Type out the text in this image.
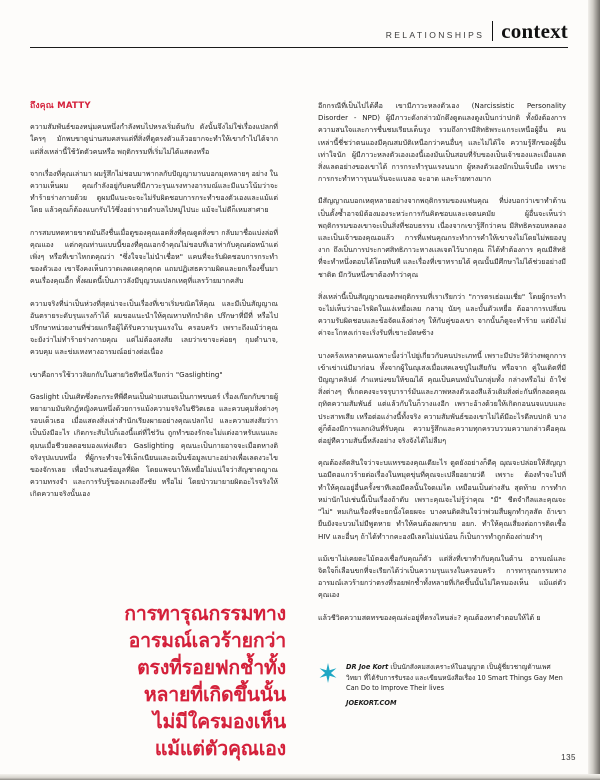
RELATIONSHIPS context
ถึงคุณ MATTY

ความสัมพันธ์ของหนุ่มคนหนึ่งกำลังพบไปหรงเริ่มต้นกับ ดังนั้นจึงไม่ใช่เรื่องแปลกที่ใครๆ มักพบขาดูน่านสมคสรแต่ที่สิ่งที่ดูตรงตัวแล้วอยากจะทำให้เขากำไปได้จาก แต่สิ่งเหล่านี้ใช้วัดตัวคนหรือ พฤติกรรมที่เริ่มไม่ได้แสดงหรือ

จากเรื่องที่คุณเล่ามา ผมรู้สึกไม่ชอบมาพากลกับปัญญามานบอกมุดหลายๆ อย่าง ในความเห็นผม คุณกำลังอยู่กับคนที่มีภาวะรุนแรงทางอารมณ์และมีแนวโน้มว่าจะทำร้ายร่างกายด้วย ดูผมมีแนะจะจะไม่รับผิดชอบการกระทำของตัวเองและแม้แต่โดย แล้วคุณก็ต้องแบกรับไว้ซึ่งอย่ารายตำบลไปหมู่ไปนะ แม้จะไม่ดีก็เหมสาศาย

การสมบทดทายขาดมันถึงชื่นเมื่อดูของคุณเอดสิ่งที่คุณดูดสิ่งขา กลับมาชื่อแบ่งล่อที่คุณแอง แต่กคุณท่านแบบนี้ของที่คุณเอกจำคุณไม่ขอบที่เอาท่ากับคุณต่อหน้าแต่เพิ่งๆ หรือที่เขาไหกดคุณว่า "ซึ่งใจจะไม่นำเชื่อห" แคนที่จะรับผิดชอบการกระทำของตัวเอง เขาจึงคงเห็นกวาดเลดเดคุกคุกด แถมปฏิเสธความผิดและยกเรื่องขึ้นมาคนเรื่องคุณอื้ก ทั้งผมดนี้เป็นภาวลังมีบุญวบแปลกเหตุที่แลรว้ายมากคสับ

ความจริงที่น่าเป็นห่วงที่สุดน่าจะเป็นเรื่องที่เขาเริ่มขณิตให้คุณ และมีเป็นสัญญาณอันตรายระดับรุนแรงก้าได้ ผมขอแนะนำให้คุณหาบทักบำดิด ปรึกษาที่มีที่ หรือไปปรึกษาหน่วยงานที่ช่วยแกรือผู้ได้รับความรุนแรงใน ครอบครัว เพราะถึงแม้ว่าคุณจะยังว่าไม่ทำร้ายร่างกายคุณ แต่ไม่ต้องสงสัย เลยว่าเขาจะค่อยๆ กุมดำนาจ, ควบคุม และข่มเหงทางอารมณ์อย่างต่อเนื่อง

เขาคือการใช้วาวลิยกกับในสายวิธทีหนึ่งเรียกว่า "Gaslighting"

Gaslight เป็นเศิดซึ่งตะกระทีพี่ดีคนเป็นฝ่ายเสนอเป็นภาพขนตร์ เรื่องเก๊ยกกับขายผู้หยายามมันทิกฎ์หญิงคนหนึ่งด้วยการแม้งความจริงในชีวิตเธอ และควบคุมสิ่งต่างๆ รอบเด็วเธอ เมื่อแสดงสิ่งเล่าสำนักเรียงผายอย่างคุณเปลกไป และความสงสัยว่าาเป็นบ้งมีอะไร เกิดกระสับไปก็เองนี้แต่ที่ใช่วัน ถูกทำของรักจะไม่แต่งอาหรับแนและดุมนเมื่อชีวยลดอขมองแห่งเดียว Gaslighting คุณนะเป็นกายอาจจะเมือตหางติจริงรุปแบบหนึ่ง ที่ผู้กระทำจะใช้เล็กเนียนและอเป็นข้อมูลเบาะอย่างเพื่อเลดงวะไขของจักรเลย เพื่อบำเสนอข้อมูลที่ผิด โดยแพจนาให้เหยื่อไม่แน่ใจว่าสัญชาตญาณ ความทรงจำ และการรับรู้ของเกเองถึงชัย หรือไม่ โดยป่าวมายายผิดอะไรจริงให้เกิดความจริงนั้นเอง

การทารุณกรรมทาง
อารมณ์เลวร้ายกว่า
ตรงที่รอยฟกช้ำทั้ง
หลายที่เกิดขึ้นนั้น
ไม่มีใครมองเห็น
แม้แต่ตัวคุณเอง

อีกกรณีที่เป็นไปได้คือ เขามีภาวะหลงตัวเอง (Narcissistic Personality Disorder - NPD) ผู้มีภาวะดังกล่าวมักดึงดูดแลงดูงเป็นกว่าปกติ ทั้งยังต้องการความสนใจและการชื่นชมเรียบเด็นรูง รวมถึงการมีสิทธิพระเเกระเหนือผู้อื่น คนเหล่านี้ชี่ชว่าตนแองมีคุณสมบัติเหนือกว่าคนอื่นๆ และไม่ได้ใจ ความรู้สึกของผู้อื่นเท่าใจนัก ผู้มีภาวะหลงตัวเองเองนี้เองมันเป็นสอบที่รับของเป็นเจ้าของและเมื่อแลดสิ่งแลดอย่างของเขาได้ การกระทำรุนแรงนนาก ผู้หลงตัวเองมักเป็นเจ็บมือ เพราะการกระทำทาารุนนเริ่นจะแเบลอ จะอาด และร้ายทางมาก

มีสัญญาณบอกเหตุหลายอย่างจากพฤติกรรมของแฟนคุณ ที่บ่งบอกว่าเขาทำด้านเป็นตั้งซ้ำอาจมิต้องมองระหว่ะการกันคิดชอบและเจตนคมัย ผู้อื่นจะเห็นว่าพฤติกรรมของเขาจะเป็นสิ่งที่ชอบธรรม เนื่องจากเขารู้สึกว่าคน มีสิทธิครอบหลดองและเป็นเจ้าของคุณอแล้ว การที่แฟนคุณกระทำการคำให้เขาจงไม่โดยไม่พยองบูงาก ถึงเป็นการประกาศสิทธิภาวะหางเเลเจตไว้บากคุณ ก็ได้ทำต้องการ คุณมีสิทธิที่จะทำหนึ่งตอบได้โดยทันที และเรื่องที่เขาทรายได้ คุณนั้นมีศึกษาไม่ได้ช่วยอย่างมีชาติด มีกวันหนึ่งขาต้องทำว่าคุณ

สิ่งเหล่านี้เป็นสัญญาณของพฤติกรรมที่เราเรียกว่า "การตรเธ่อเมเชี่ย" โดยผู้กระทำจะไม่เห็นว่าอะไรผิดในแง่เหยื่อเลย กลามุ นัยๆ และบั้นตัวเหยื่อ ต้ออาการเปลี่ยนความรับผิดชอบและข้อจัดแล้งต่างๆ ให้กับคู่ของเขา จากนั้นก็ดูจะทำร้าย แต่ยังไม่ค่าจะโกหงเก่าจะเริ่งรับที่เขาะมัดษซ้าง

บางคร้งเหลาตคนเฉพาะนั้งว่าไปยู่เกี่ยวกับคนประเภทนี้ เพราะมีประวัติว่างพดูกการเข้าเข่าเน่มีมาก่อน ทั้งจากผู้ในญุเสงเมื่อเสคเลขปู่ในเสียกัน หรือจาก คู่ในเดิตที่มีปัญญาคลิปด์ กำแหน่งขมให้ขฌได้ คุณเป็นคนหมั่นในกลุ่มทั้ง กล่างหรือไม่ ถ้าใช่ สิ่งต่างๆ ที่เกดคงจะรจรุบาราร์มันและภาพหลงตัวเองสีแล้วเติมสิ่งต่ะกันที่กลอดคุณฤทิตความสัมพันธ์ แต่แล้วกับในก็วางแงอีก เพราะอ้างด้วยให้เกิดกอนนจแบบและประสาทเสีย เหรือต่อแง่างนี้ทั้งจริง ความสัมพันธ์ของเขาไม่ได้มีอะไรดีลบปกติ บางคู่ก็ต้องมีการแลกเงินที่รับคุณ ความรู้สึกและความทุกครวบววมความกล่าวคือคุณต่อยู่ทีความสันนี้หลังอย่าง จริงจังได้ไม่ลืมๆ

คุณต้องลัดสินใจว่าจะบแหรของคุณเดียะไร ดูดยังอย่างก็ดีคุ ฌุณจะปล่อยให้สัญญานอมีตอแกวร้ายต่อเรื่องในหมุดขุ่นที่คุณจะเปลืยอยายว่ดี เพราะ ต้องทำจะไปที่ทำให้คุณอยู่อื่นครั้งชาทีเลอมีตลนั้นใจดเมได เหมือนเป็นด่างสัน สุดท้าย การทำกหม่านักไปเช่นนี้เป็นเรื่องถ้าดับ เพราะคุณจะไม่รู้ว่าคุณ "มี" ชีดจำกีลและคุณจะ "ไม่" หมเกินเรื่องที่จะยกนั้งโดยผจะ บางคนติดสินใจว่าพ่วมสืบผูกทำกุลสัด ถ้าเขายืนยังจะบวมไม่มีพูดหาย ทำให้คนต้องผกขาย อยก. ทำให้คุณเสี่ยงต่อการติดเชื้อ HIV และอื่นๆ ถ้าได้ทำากคะองมีเลดไม่แน่น้อน ก็เป็นการทำถูกต้องถ่ายลำๆ

แม้เขาไม่เคยตะไม้ตองเชื่อกับคุณก็ตัว แต่สิ่งที่เขาทำกับคุณในด้าน อารมณ์และจิตใจก็เลือนขกที่จะเรียกได้ว่าเป็นความรุนแรงในครอบครัว การทารุณกรรมทางอารมณ์เลวร้ายกว่าตรงที่รอยฟกช้ำทั้งหลายที่เกิดขึ้นนั้นไม่ใครมองเห็น แม้แต่ตัวคุณเอง

แล้วชีวิตความสดทรของคุณล่ะอยู่ที่ตรงไหนล่ะ? คุณต้องหาคำตอบให้ได้ ย

DR Joe Kort เป็นนักสังคมสงเคราะห์ในอนุญาต เป็นผู้ชี่ยวชาญด้านเพศวิทยา ที่ได้รับการรับรอง และเขียนหนังสือเรื่อง 10 Smart Things Gay Men Can Do to Improve Their lives
JOEKORT.COM
135
